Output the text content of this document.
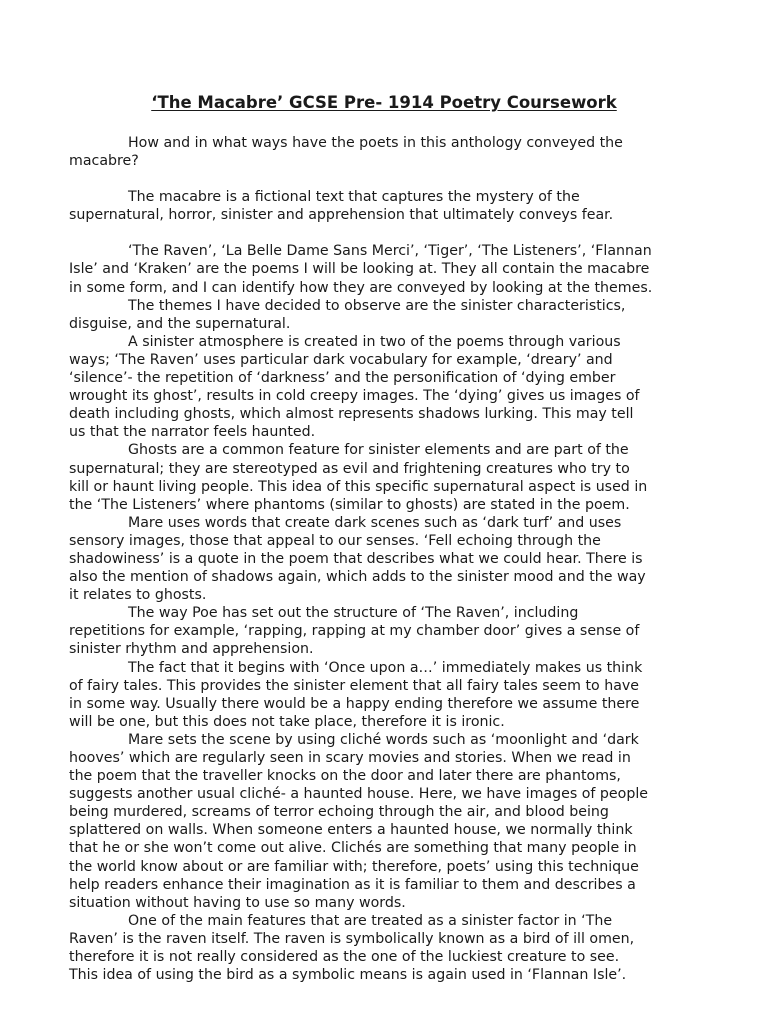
‘The Macabre’ GCSE Pre- 1914 Poetry Coursework

How and in what ways have the poets in this anthology conveyed the
macabre?

The macabre is a fictional text that captures the mystery of the
supernatural, horror, sinister and apprehension that ultimately conveys fear.

‘The Raven’, ‘La Belle Dame Sans Merci’, ‘Tiger’, ‘The Listeners’, ‘Flannan
Isle’ and ‘Kraken’ are the poems I will be looking at. They all contain the macabre
in some form, and I can identify how they are conveyed by looking at the themes.

The themes I have decided to observe are the sinister characteristics,
disguise, and the supernatural.

A sinister atmosphere is created in two of the poems through various
ways; ‘The Raven’ uses particular dark vocabulary for example, ‘dreary’ and
‘silence’- the repetition of ‘darkness’ and the personification of ‘dying ember
wrought its ghost’, results in cold creepy images. The ‘dying’ gives us images of
death including ghosts, which almost represents shadows lurking. This may tell
us that the narrator feels haunted.

Ghosts are a common feature for sinister elements and are part of the
supernatural; they are stereotyped as evil and frightening creatures who try to
kill or haunt living people. This idea of this specific supernatural aspect is used in
the ‘The Listeners’ where phantoms (similar to ghosts) are stated in the poem.

Mare uses words that create dark scenes such as ‘dark turf’ and uses
sensory images, those that appeal to our senses. ‘Fell echoing through the
shadowiness’ is a quote in the poem that describes what we could hear. There is
also the mention of shadows again, which adds to the sinister mood and the way
it relates to ghosts.

The way Poe has set out the structure of ‘The Raven’, including
repetitions for example, ‘rapping, rapping at my chamber door’ gives a sense of
sinister rhythm and apprehension.

The fact that it begins with ‘Once upon a…’ immediately makes us think
of fairy tales. This provides the sinister element that all fairy tales seem to have
in some way. Usually there would be a happy ending therefore we assume there
will be one, but this does not take place, therefore it is ironic.

Mare sets the scene by using cliché words such as ‘moonlight and ‘dark
hooves’ which are regularly seen in scary movies and stories. When we read in
the poem that the traveller knocks on the door and later there are phantoms,
suggests another usual cliché- a haunted house. Here, we have images of people
being murdered, screams of terror echoing through the air, and blood being
splattered on walls. When someone enters a haunted house, we normally think
that he or she won’t come out alive. Clichés are something that many people in
the world know about or are familiar with; therefore, poets’ using this technique
help readers enhance their imagination as it is familiar to them and describes a
situation without having to use so many words.

One of the main features that are treated as a sinister factor in ‘The
Raven’ is the raven itself. The raven is symbolically known as a bird of ill omen,
therefore it is not really considered as the one of the luckiest creature to see.
This idea of using the bird as a symbolic means is again used in ‘Flannan Isle’.
